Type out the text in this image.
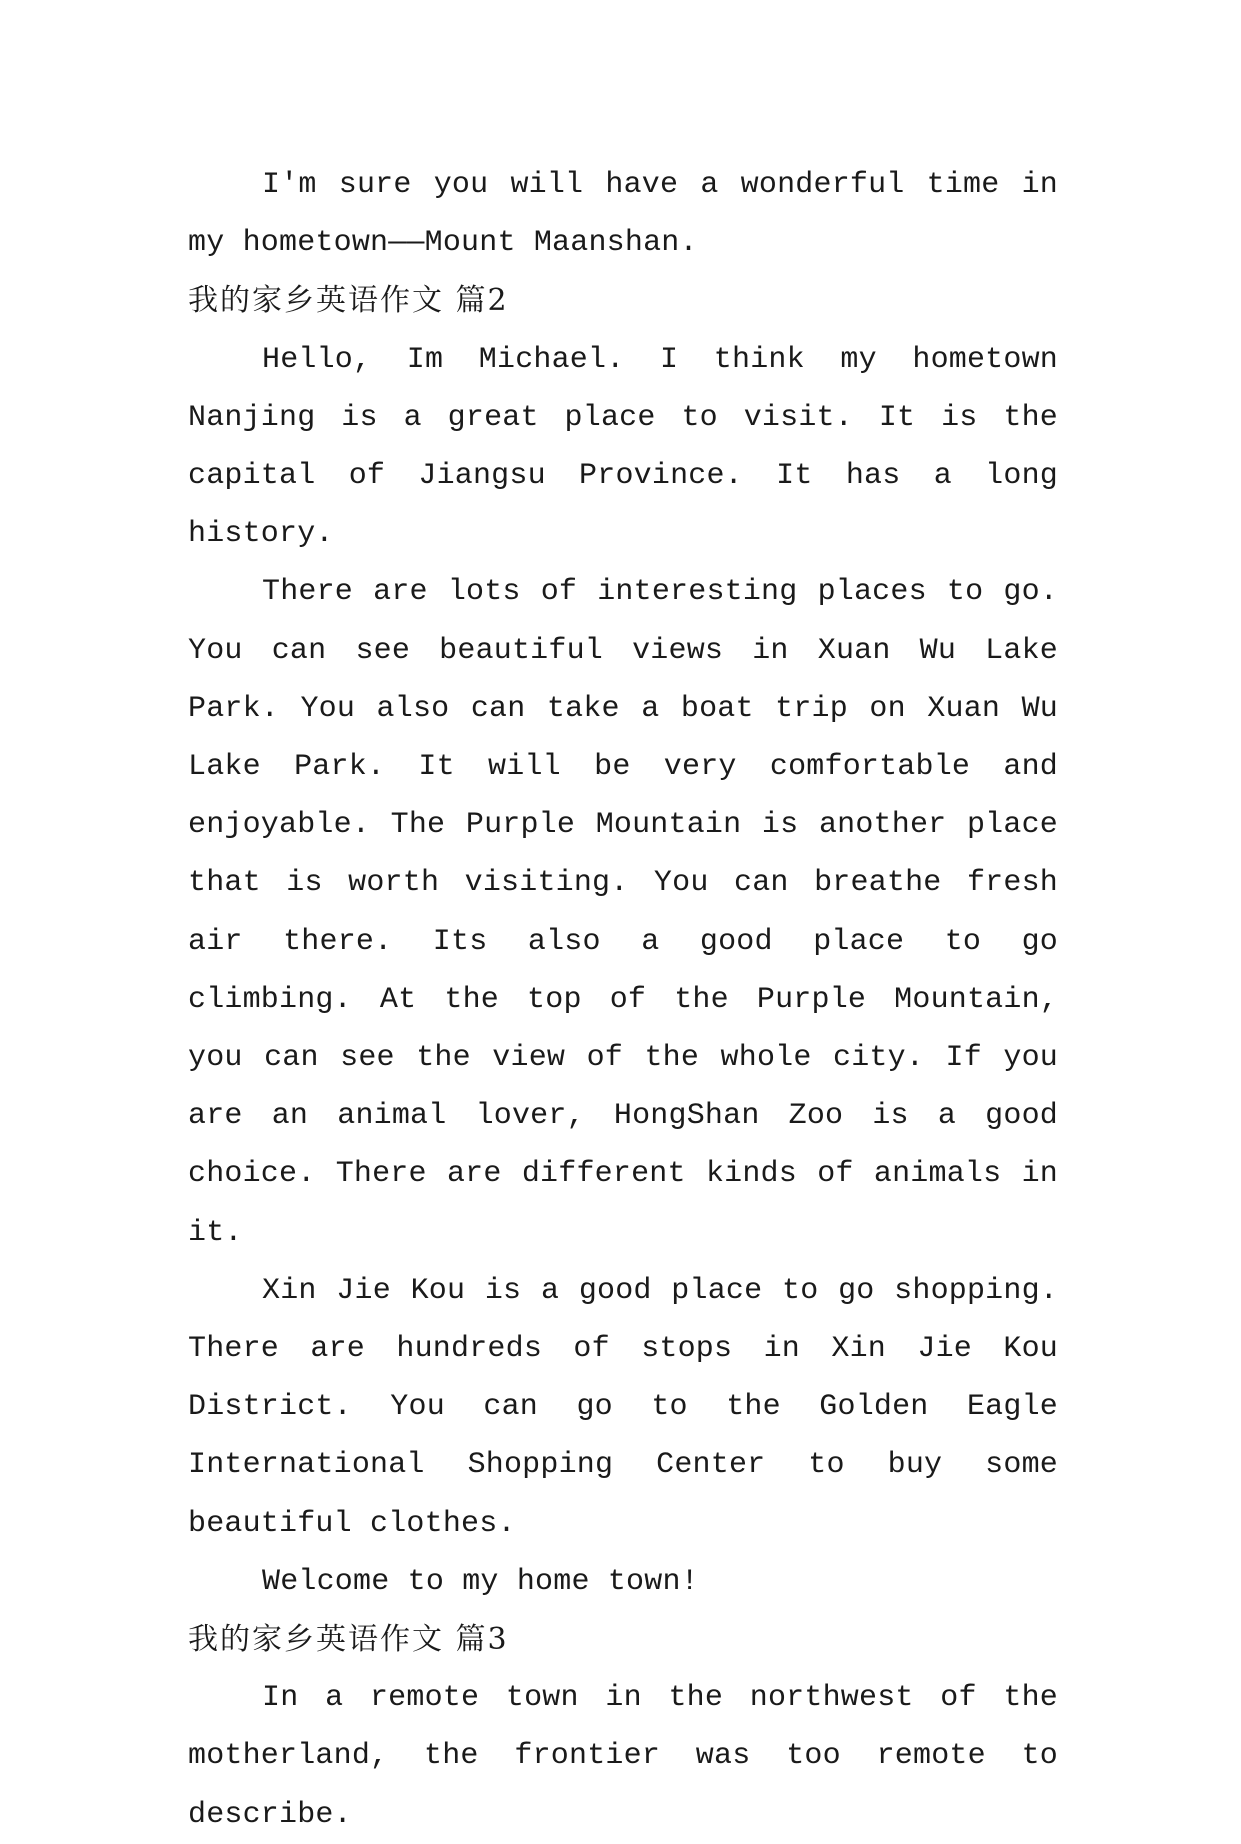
I'm sure you will have a wonderful time in my hometown——Mount Maanshan.

我的家乡英语作文 篇2

Hello, Im Michael. I think my hometown Nanjing is a great place to visit. It is the capital of Jiangsu Province. It has a long history.

There are lots of interesting places to go. You can see beautiful views in Xuan Wu Lake Park. You also can take a boat trip on Xuan Wu Lake Park. It will be very comfortable and enjoyable. The Purple Mountain is another place that is worth visiting. You can breathe fresh air there. Its also a good place to go climbing. At the top of the Purple Mountain, you can see the view of the whole city. If you are an animal lover, HongShan Zoo is a good choice. There are different kinds of animals in it.

Xin Jie Kou is a good place to go shopping. There are hundreds of stops in Xin Jie Kou District. You can go to the Golden Eagle International Shopping Center to buy some beautiful clothes.

Welcome to my home town!

我的家乡英语作文 篇3

In a remote town in the northwest of the motherland, the frontier was too remote to describe.
